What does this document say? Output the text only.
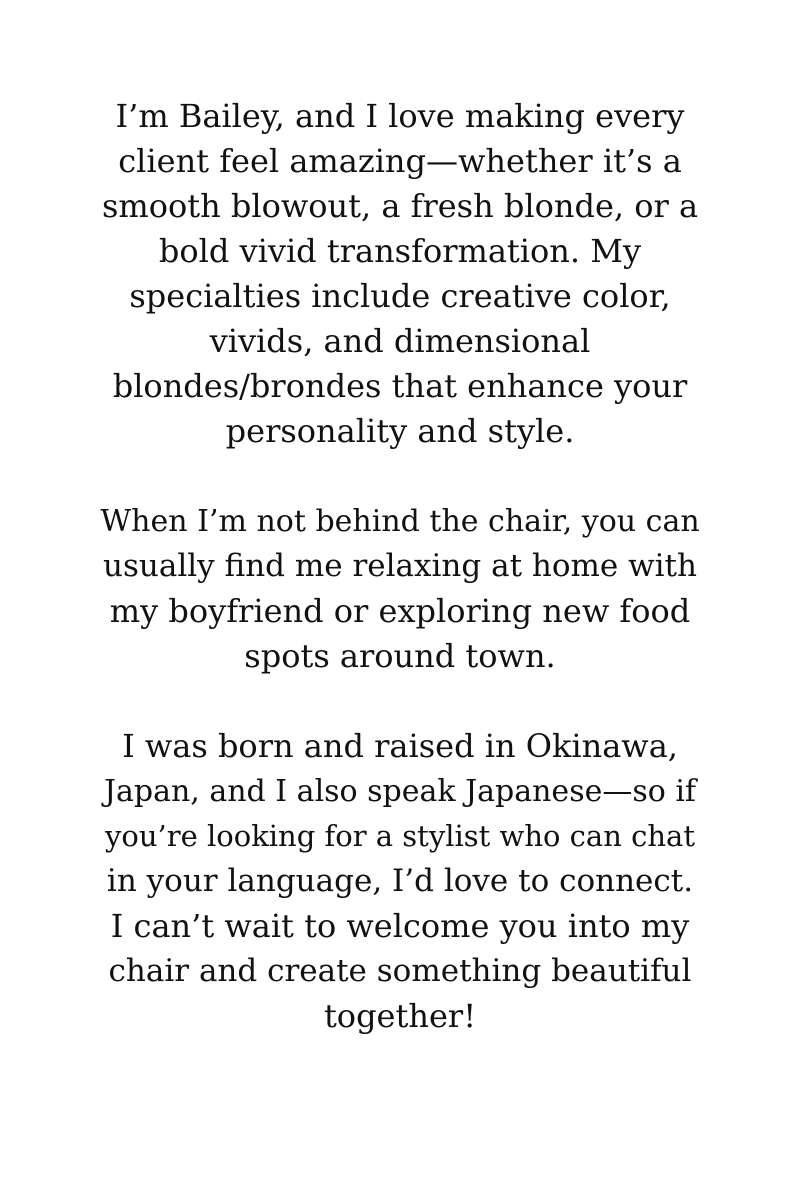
I’m Bailey, and I love making every
client feel amazing—whether it’s a
smooth blowout, a fresh blonde, or a
bold vivid transformation. My
specialties include creative color,
vivids, and dimensional
blondes/brondes that enhance your
personality and style.
When I’m not behind the chair, you can
usually find me relaxing at home with
my boyfriend or exploring new food
spots around town.
I was born and raised in Okinawa,
Japan, and I also speak Japanese—so if
you’re looking for a stylist who can chat
in your language, I’d love to connect.
I can’t wait to welcome you into my
chair and create something beautiful
together!
